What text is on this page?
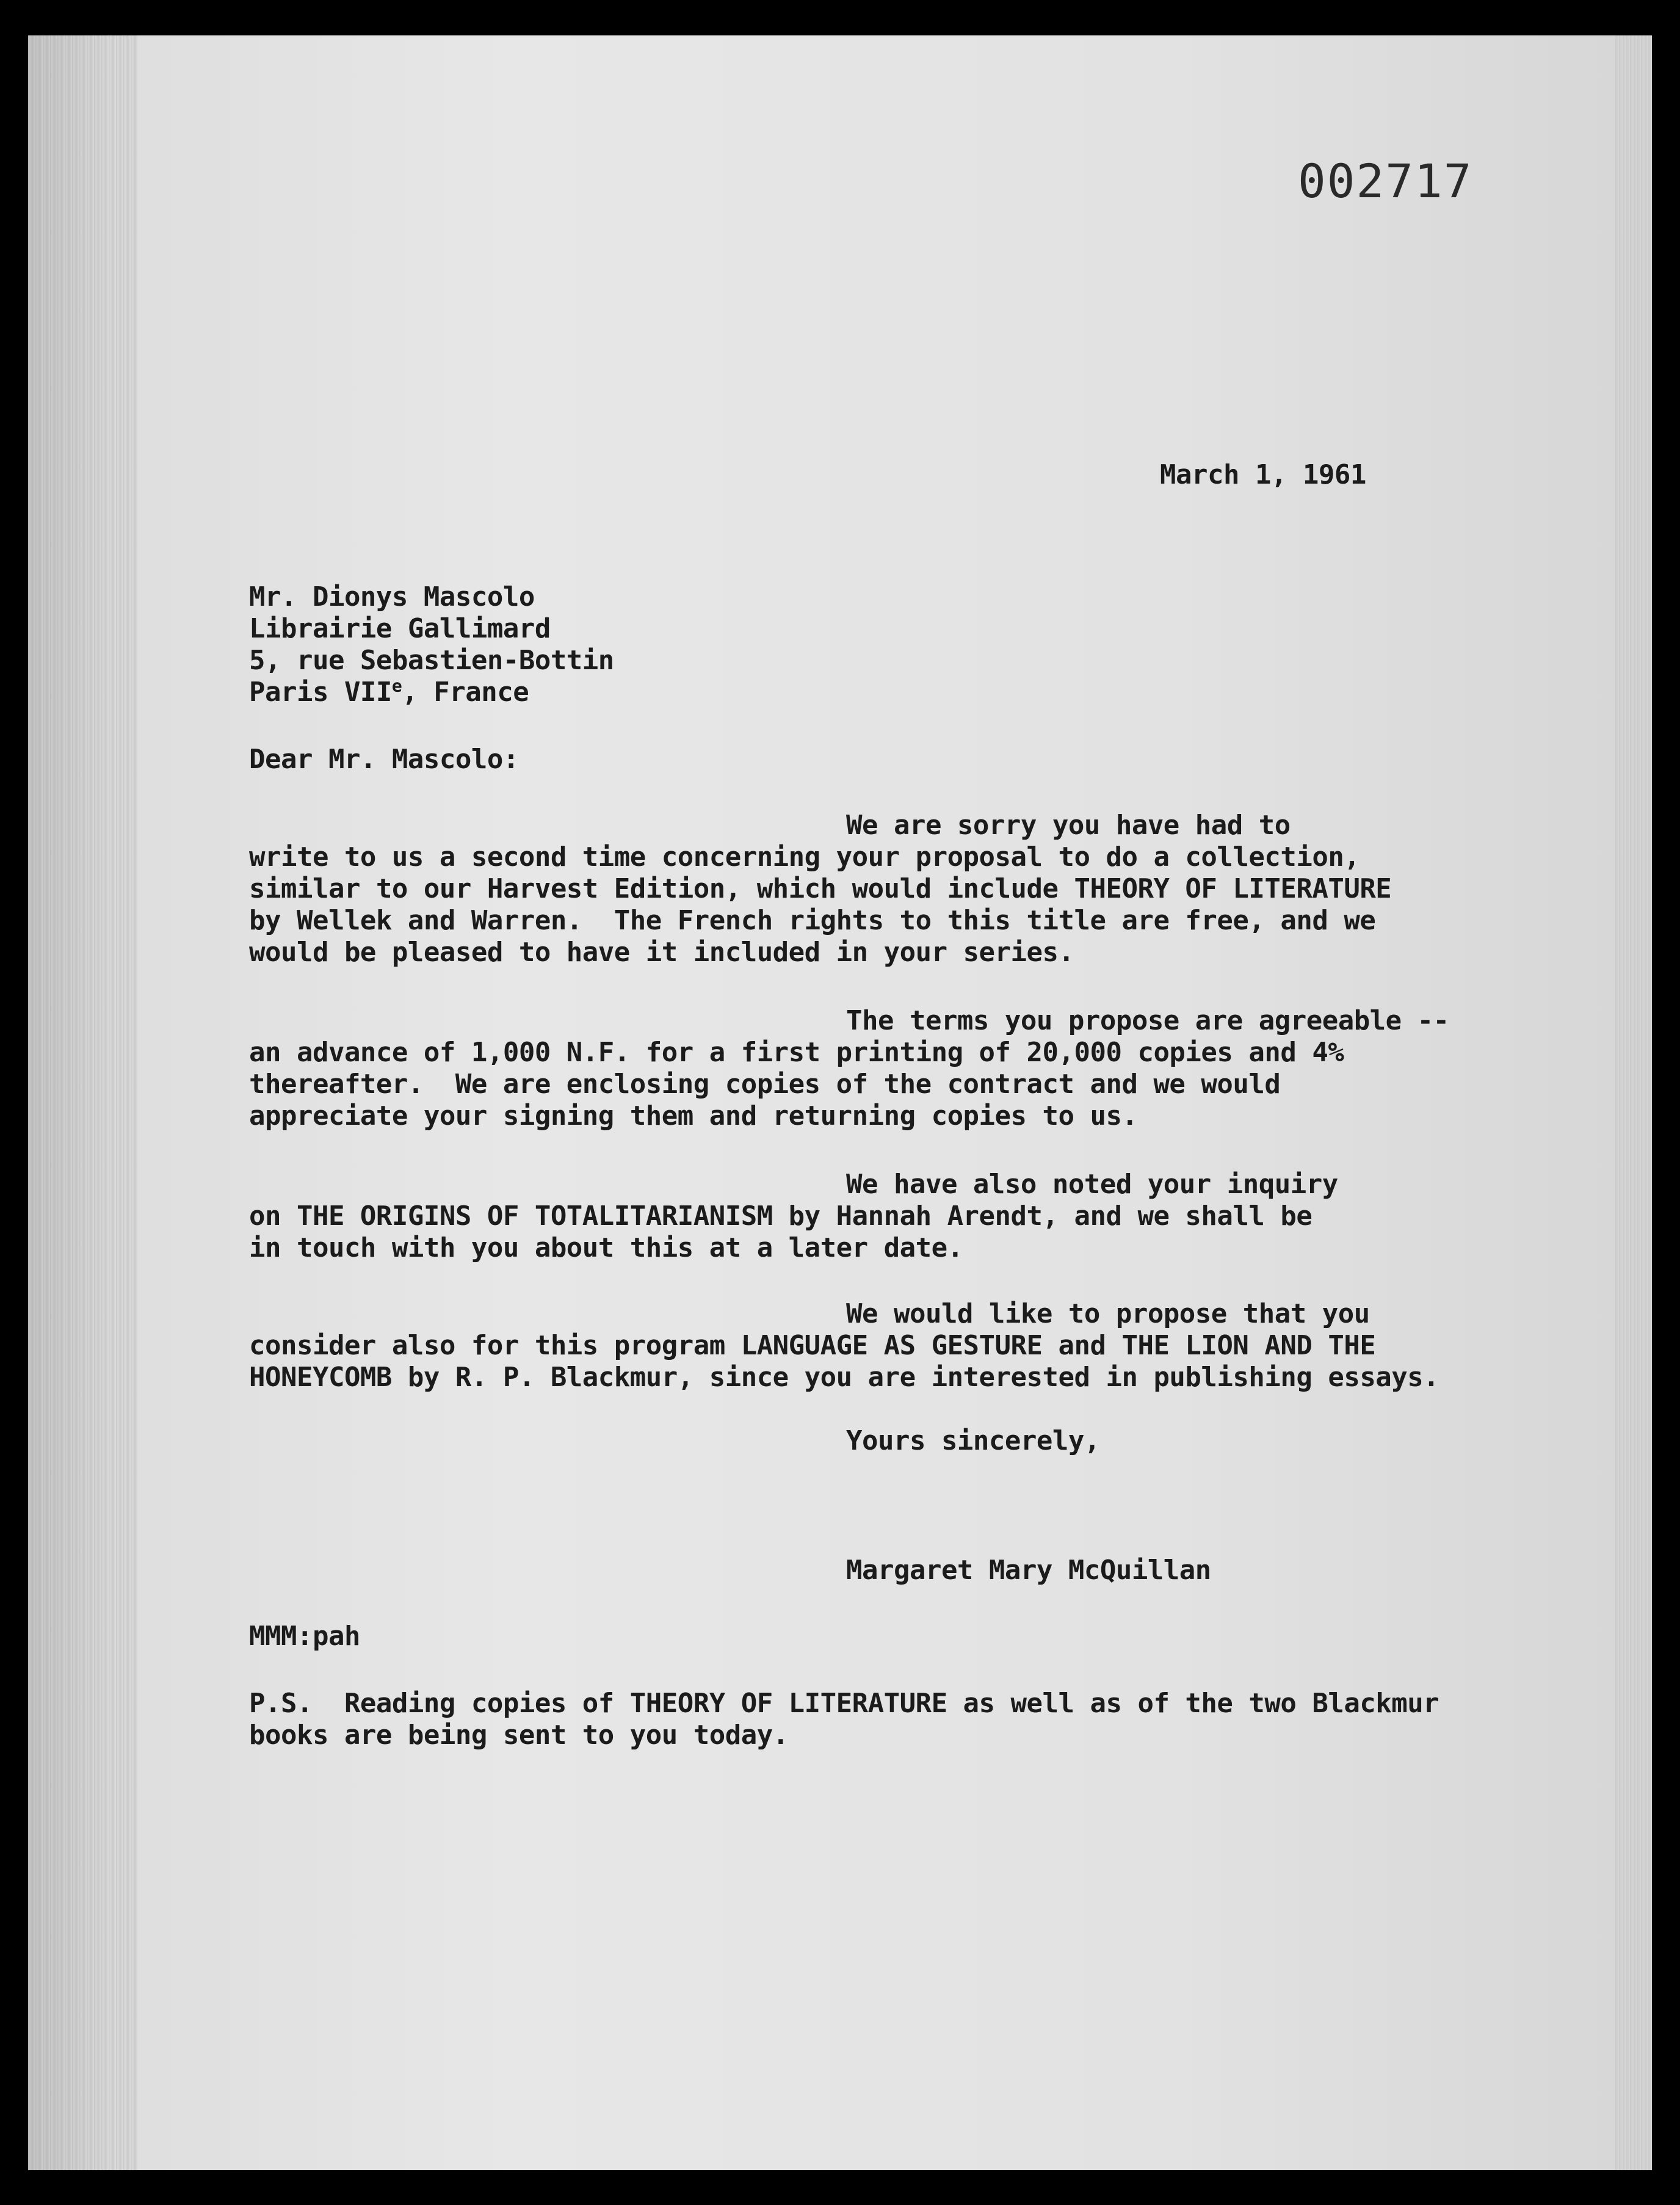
002717

March 1, 1961

Mr. Dionys Mascolo

Librairie Gallimard

5, rue Sebastien-Bottin

Paris VIIe, France

Dear Mr. Mascolo:

We are sorry you have had to

write to us a second time concerning your proposal to do a collection,

similar to our Harvest Edition, which would include THEORY OF LITERATURE

by Wellek and Warren.  The French rights to this title are free, and we

would be pleased to have it included in your series.

The terms you propose are agreeable --

an advance of 1,000 N.F. for a first printing of 20,000 copies and 4%

thereafter.  We are enclosing copies of the contract and we would

appreciate your signing them and returning copies to us.

We have also noted your inquiry

on THE ORIGINS OF TOTALITARIANISM by Hannah Arendt, and we shall be

in touch with you about this at a later date.

We would like to propose that you

consider also for this program LANGUAGE AS GESTURE and THE LION AND THE

HONEYCOMB by R. P. Blackmur, since you are interested in publishing essays.

Yours sincerely,

Margaret Mary McQuillan

MMM:pah

P.S.  Reading copies of THEORY OF LITERATURE as well as of the two Blackmur

books are being sent to you today.
